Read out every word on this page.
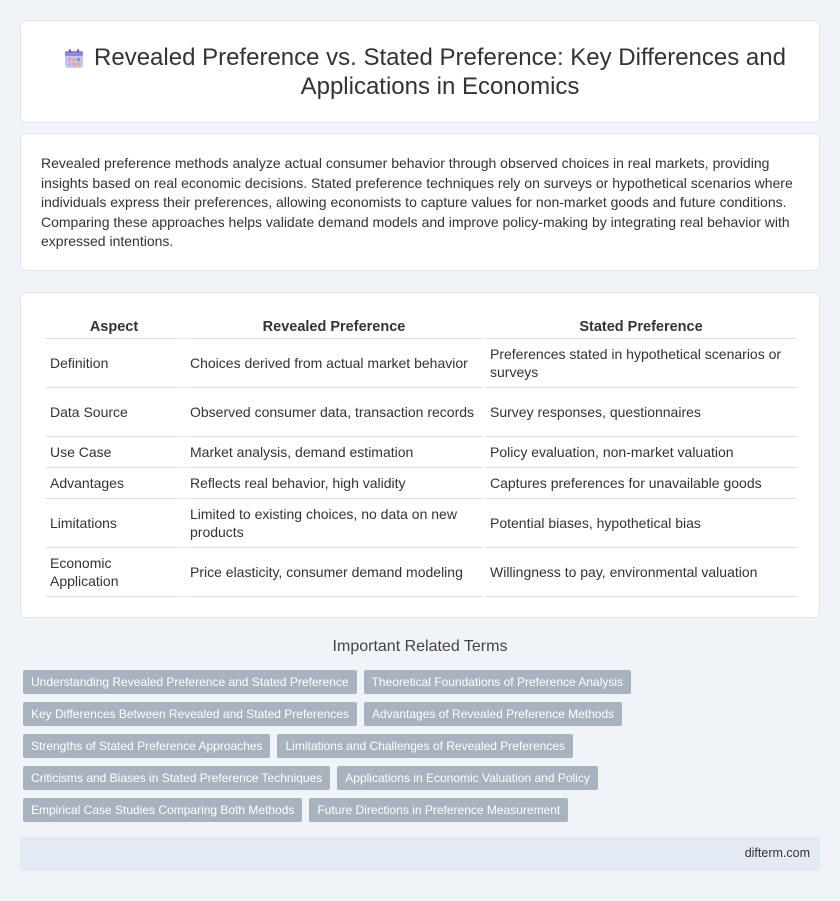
Revealed Preference vs. Stated Preference: Key Differences and Applications in Economics

Revealed preference methods analyze actual consumer behavior through observed choices in real markets, providing insights based on real economic decisions. Stated preference techniques rely on surveys or hypothetical scenarios where individuals express their preferences, allowing economists to capture values for non-market goods and future conditions. Comparing these approaches helps validate demand models and improve policy-making by integrating real behavior with expressed intentions.

Aspect	Revealed Preference	Stated Preference
Definition	Choices derived from actual market behavior	Preferences stated in hypothetical scenarios or surveys
Data Source	Observed consumer data, transaction records	Survey responses, questionnaires
Use Case	Market analysis, demand estimation	Policy evaluation, non-market valuation
Advantages	Reflects real behavior, high validity	Captures preferences for unavailable goods
Limitations	Limited to existing choices, no data on new products	Potential biases, hypothetical bias
Economic Application	Price elasticity, consumer demand modeling	Willingness to pay, environmental valuation
Important Related Terms
Understanding Revealed Preference and Stated Preference	Theoretical Foundations of Preference Analysis
Key Differences Between Revealed and Stated Preferences	Advantages of Revealed Preference Methods
Strengths of Stated Preference Approaches	Limitations and Challenges of Revealed Preferences
Criticisms and Biases in Stated Preference Techniques	Applications in Economic Valuation and Policy
Empirical Case Studies Comparing Both Methods	Future Directions in Preference Measurement
difterm.com
